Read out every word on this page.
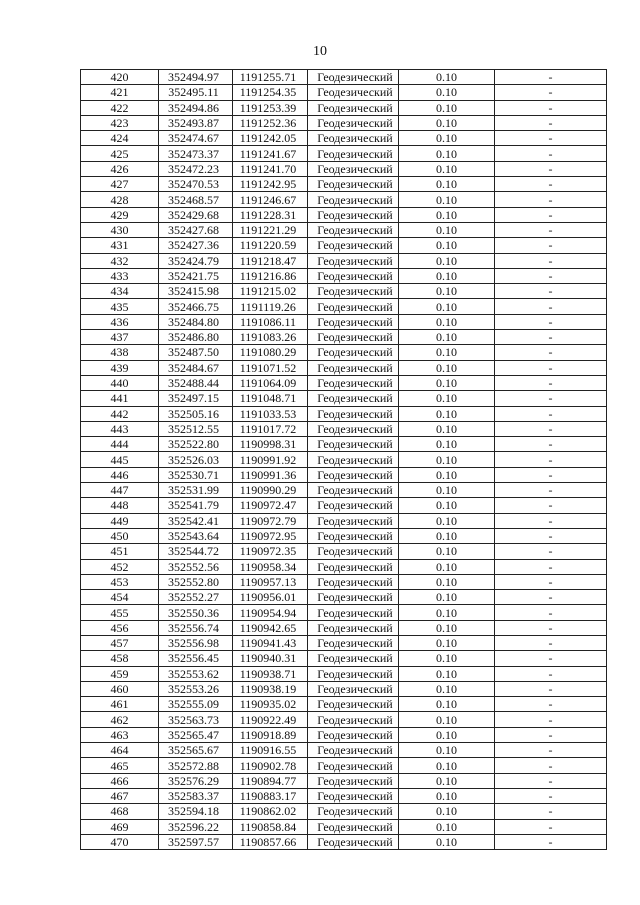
10
420	352494.97	1191255.71	Геодезический	0.10	-
421	352495.11	1191254.35	Геодезический	0.10	-
422	352494.86	1191253.39	Геодезический	0.10	-
423	352493.87	1191252.36	Геодезический	0.10	-
424	352474.67	1191242.05	Геодезический	0.10	-
425	352473.37	1191241.67	Геодезический	0.10	-
426	352472.23	1191241.70	Геодезический	0.10	-
427	352470.53	1191242.95	Геодезический	0.10	-
428	352468.57	1191246.67	Геодезический	0.10	-
429	352429.68	1191228.31	Геодезический	0.10	-
430	352427.68	1191221.29	Геодезический	0.10	-
431	352427.36	1191220.59	Геодезический	0.10	-
432	352424.79	1191218.47	Геодезический	0.10	-
433	352421.75	1191216.86	Геодезический	0.10	-
434	352415.98	1191215.02	Геодезический	0.10	-
435	352466.75	1191119.26	Геодезический	0.10	-
436	352484.80	1191086.11	Геодезический	0.10	-
437	352486.80	1191083.26	Геодезический	0.10	-
438	352487.50	1191080.29	Геодезический	0.10	-
439	352484.67	1191071.52	Геодезический	0.10	-
440	352488.44	1191064.09	Геодезический	0.10	-
441	352497.15	1191048.71	Геодезический	0.10	-
442	352505.16	1191033.53	Геодезический	0.10	-
443	352512.55	1191017.72	Геодезический	0.10	-
444	352522.80	1190998.31	Геодезический	0.10	-
445	352526.03	1190991.92	Геодезический	0.10	-
446	352530.71	1190991.36	Геодезический	0.10	-
447	352531.99	1190990.29	Геодезический	0.10	-
448	352541.79	1190972.47	Геодезический	0.10	-
449	352542.41	1190972.79	Геодезический	0.10	-
450	352543.64	1190972.95	Геодезический	0.10	-
451	352544.72	1190972.35	Геодезический	0.10	-
452	352552.56	1190958.34	Геодезический	0.10	-
453	352552.80	1190957.13	Геодезический	0.10	-
454	352552.27	1190956.01	Геодезический	0.10	-
455	352550.36	1190954.94	Геодезический	0.10	-
456	352556.74	1190942.65	Геодезический	0.10	-
457	352556.98	1190941.43	Геодезический	0.10	-
458	352556.45	1190940.31	Геодезический	0.10	-
459	352553.62	1190938.71	Геодезический	0.10	-
460	352553.26	1190938.19	Геодезический	0.10	-
461	352555.09	1190935.02	Геодезический	0.10	-
462	352563.73	1190922.49	Геодезический	0.10	-
463	352565.47	1190918.89	Геодезический	0.10	-
464	352565.67	1190916.55	Геодезический	0.10	-
465	352572.88	1190902.78	Геодезический	0.10	-
466	352576.29	1190894.77	Геодезический	0.10	-
467	352583.37	1190883.17	Геодезический	0.10	-
468	352594.18	1190862.02	Геодезический	0.10	-
469	352596.22	1190858.84	Геодезический	0.10	-
470	352597.57	1190857.66	Геодезический	0.10	-
